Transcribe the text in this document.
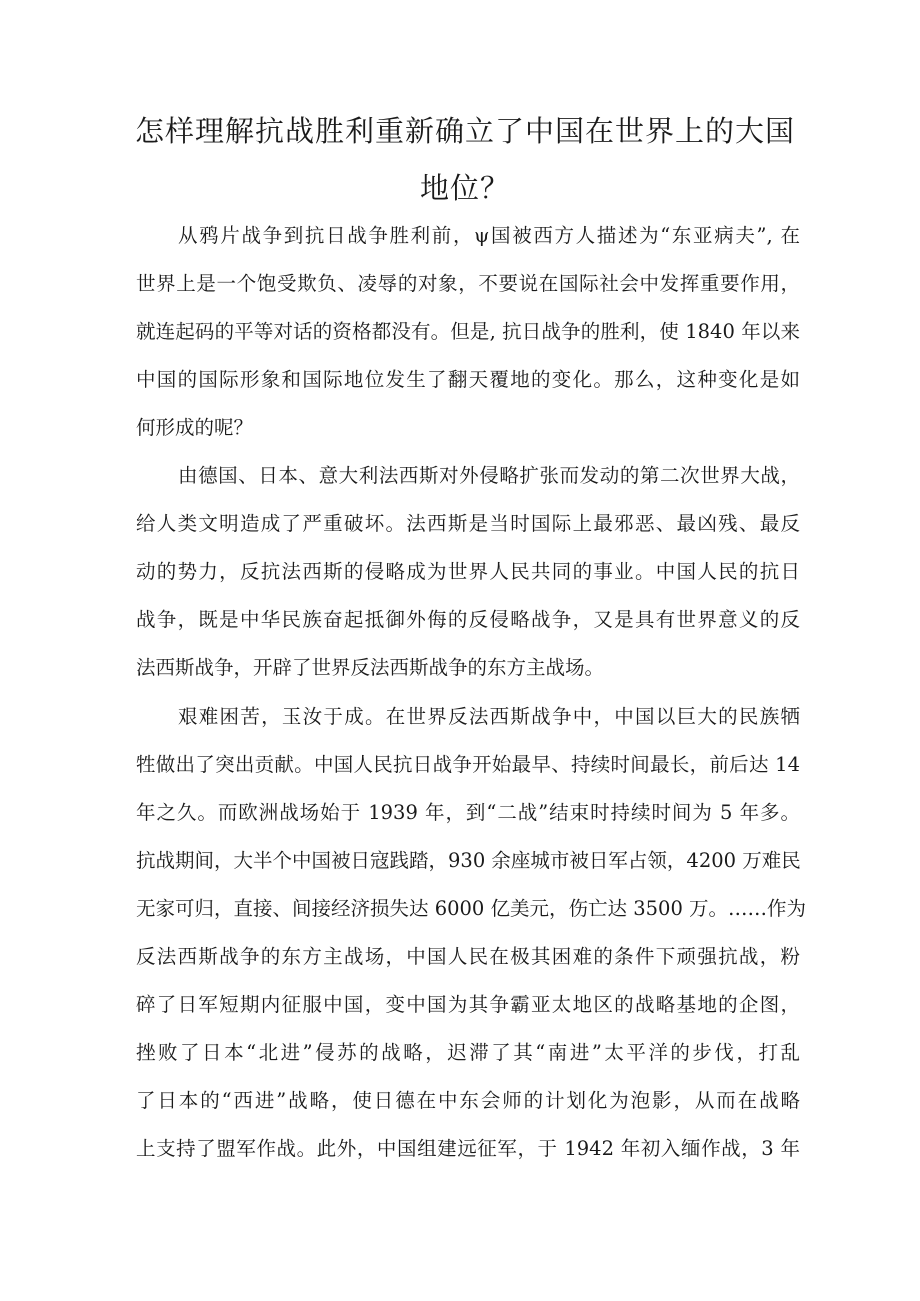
怎样理解抗战胜利重新确立了中国在世界上的大国
地位？

从鸦片战争到抗日战争胜利前，ψ国被西方人描述为“东亚病夫”, 在

世界上是一个饱受欺负、凌辱的对象，不要说在国际社会中发挥重要作用，

就连起码的平等对话的资格都没有。但是, 抗日战争的胜利，使 1840 年以来

中国的国际形象和国际地位发生了翻天覆地的变化。那么，这种变化是如

何形成的呢？

由德国、日本、意大利法西斯对外侵略扩张而发动的第二次世界大战，

给人类文明造成了严重破坏。法西斯是当时国际上最邪恶、最凶残、最反

动的势力，反抗法西斯的侵略成为世界人民共同的事业。中国人民的抗日

战争，既是中华民族奋起抵御外侮的反侵略战争，又是具有世界意义的反

法西斯战争，开辟了世界反法西斯战争的东方主战场。

艰难困苦，玉汝于成。在世界反法西斯战争中，中国以巨大的民族牺

牲做出了突出贡献。中国人民抗日战争开始最早、持续时间最长，前后达 14

年之久。而欧洲战场始于 1939 年，到“二战”结束时持续时间为 5 年多。

抗战期间，大半个中国被日寇践踏，930 余座城市被日军占领，4200 万难民

无家可归，直接、间接经济损失达 6000 亿美元，伤亡达 3500 万。……作为

反法西斯战争的东方主战场，中国人民在极其困难的条件下顽强抗战，粉

碎了日军短期内征服中国，变中国为其争霸亚太地区的战略基地的企图，

挫败了日本“北进”侵苏的战略，迟滞了其“南进”太平洋的步伐，打乱

了日本的“西进”战略，使日德在中东会师的计划化为泡影，从而在战略

上支持了盟军作战。此外，中国组建远征军，于 1942 年初入缅作战，3 年
